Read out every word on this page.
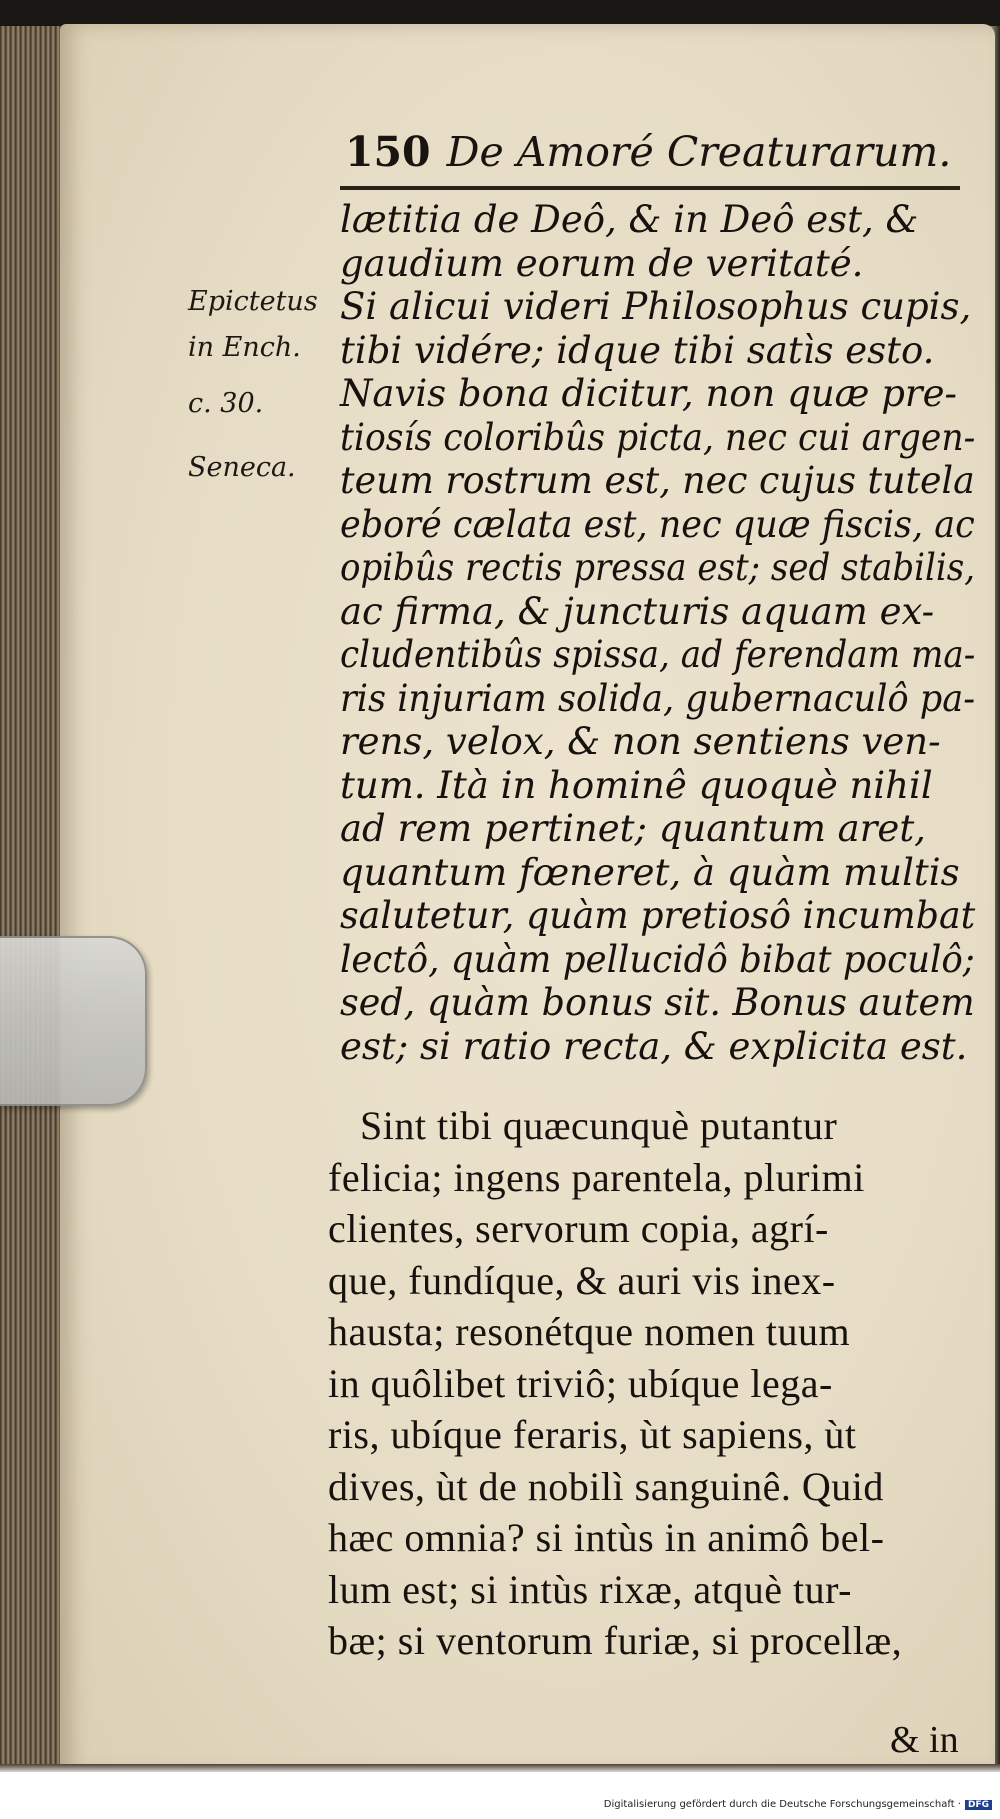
150 De Amoré Creaturarum.
Epictetus
in Ench.
c. 30.
Seneca.
lætitia de Deô, & in Deô est, &
gaudium eorum de veritaté.
Si alicui videri Philosophus cupis,
tibi vidére; idque tibi satìs esto.
Navis bona dicitur, non quæ pre-
tiosís coloribûs picta, nec cui argen-
teum rostrum est, nec cujus tutela
eboré cælata est, nec quæ fiscis, ac
opibûs rectis pressa est; sed stabilis,
ac firma, & juncturis aquam ex-
cludentibûs spissa, ad ferendam ma-
ris injuriam solida, gubernaculô pa-
rens, velox, & non sentiens ven-
tum. Ità in hominê quoquè nihil
ad rem pertinet; quantum aret,
quantum fœneret, à quàm multis
salutetur, quàm pretiosô incumbat
lectô, quàm pellucidô bibat poculô;
sed, quàm bonus sit. Bonus autem
est; si ratio recta, & explicita est.
Sint tibi quæcunquè putantur
felicia; ingens parentela, plurimi
clientes, servorum copia, agrí-
que, fundíque, & auri vis inex-
hausta; resonétque nomen tuum
in quôlibet triviô; ubíque lega-
ris, ubíque feraris, ùt sapiens, ùt
dives, ùt de nobilì sanguinê. Quid
hæc omnia? si intùs in animô bel-
lum est; si intùs rixæ, atquè tur-
bæ; si ventorum furiæ, si procellæ,
& in
Digitalisierung gefördert durch die Deutsche Forschungsgemeinschaft · DFG
